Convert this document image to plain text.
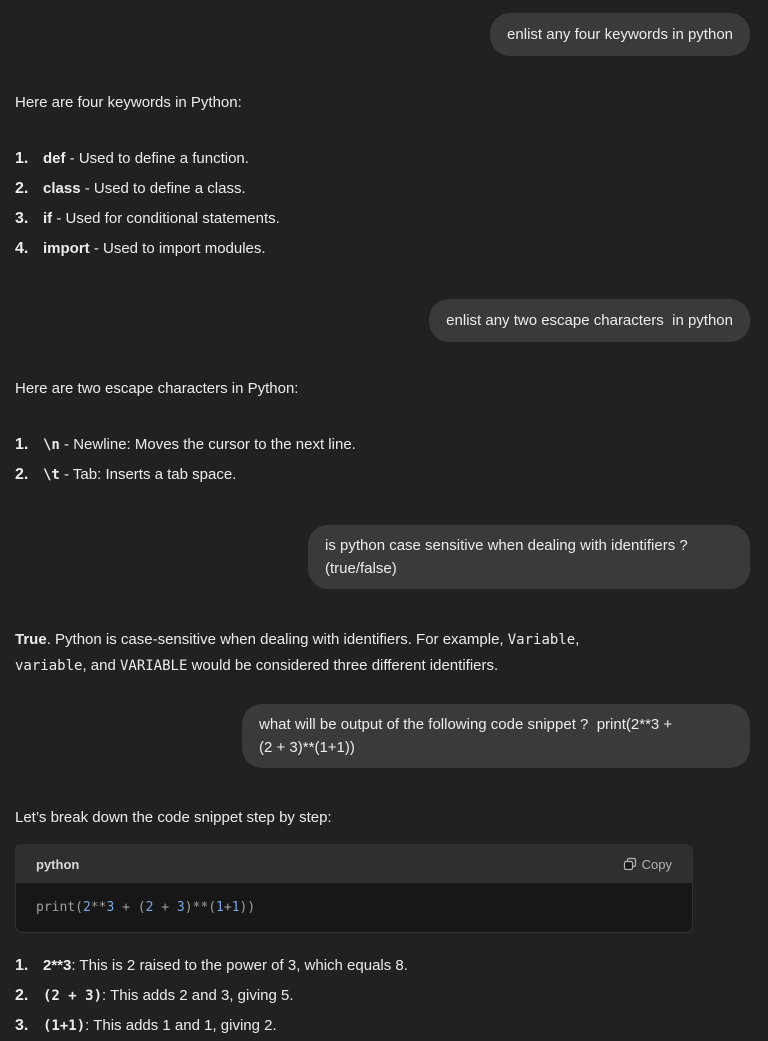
enlist any four keywords in python
Here are four keywords in Python:
1. def - Used to define a function.
2. class - Used to define a class.
3. if - Used for conditional statements.
4. import - Used to import modules.
enlist any two escape characters  in python
Here are two escape characters in Python:
1. \n - Newline: Moves the cursor to the next line.
2. \t - Tab: Inserts a tab space.
is python case sensitive when dealing with identifiers ?
(true/false)
True. Python is case-sensitive when dealing with identifiers. For example, Variable,
variable, and VARIABLE would be considered three different identifiers.
what will be output of the following code snippet ?  print(2**3 +
(2 + 3)**(1+1))
Let’s break down the code snippet step by step:
python	Copy
print(2**3 + (2 + 3)**(1+1))
1. 2**3: This is 2 raised to the power of 3, which equals 8.
2. (2 + 3): This adds 2 and 3, giving 5.
3. (1+1): This adds 1 and 1, giving 2.
